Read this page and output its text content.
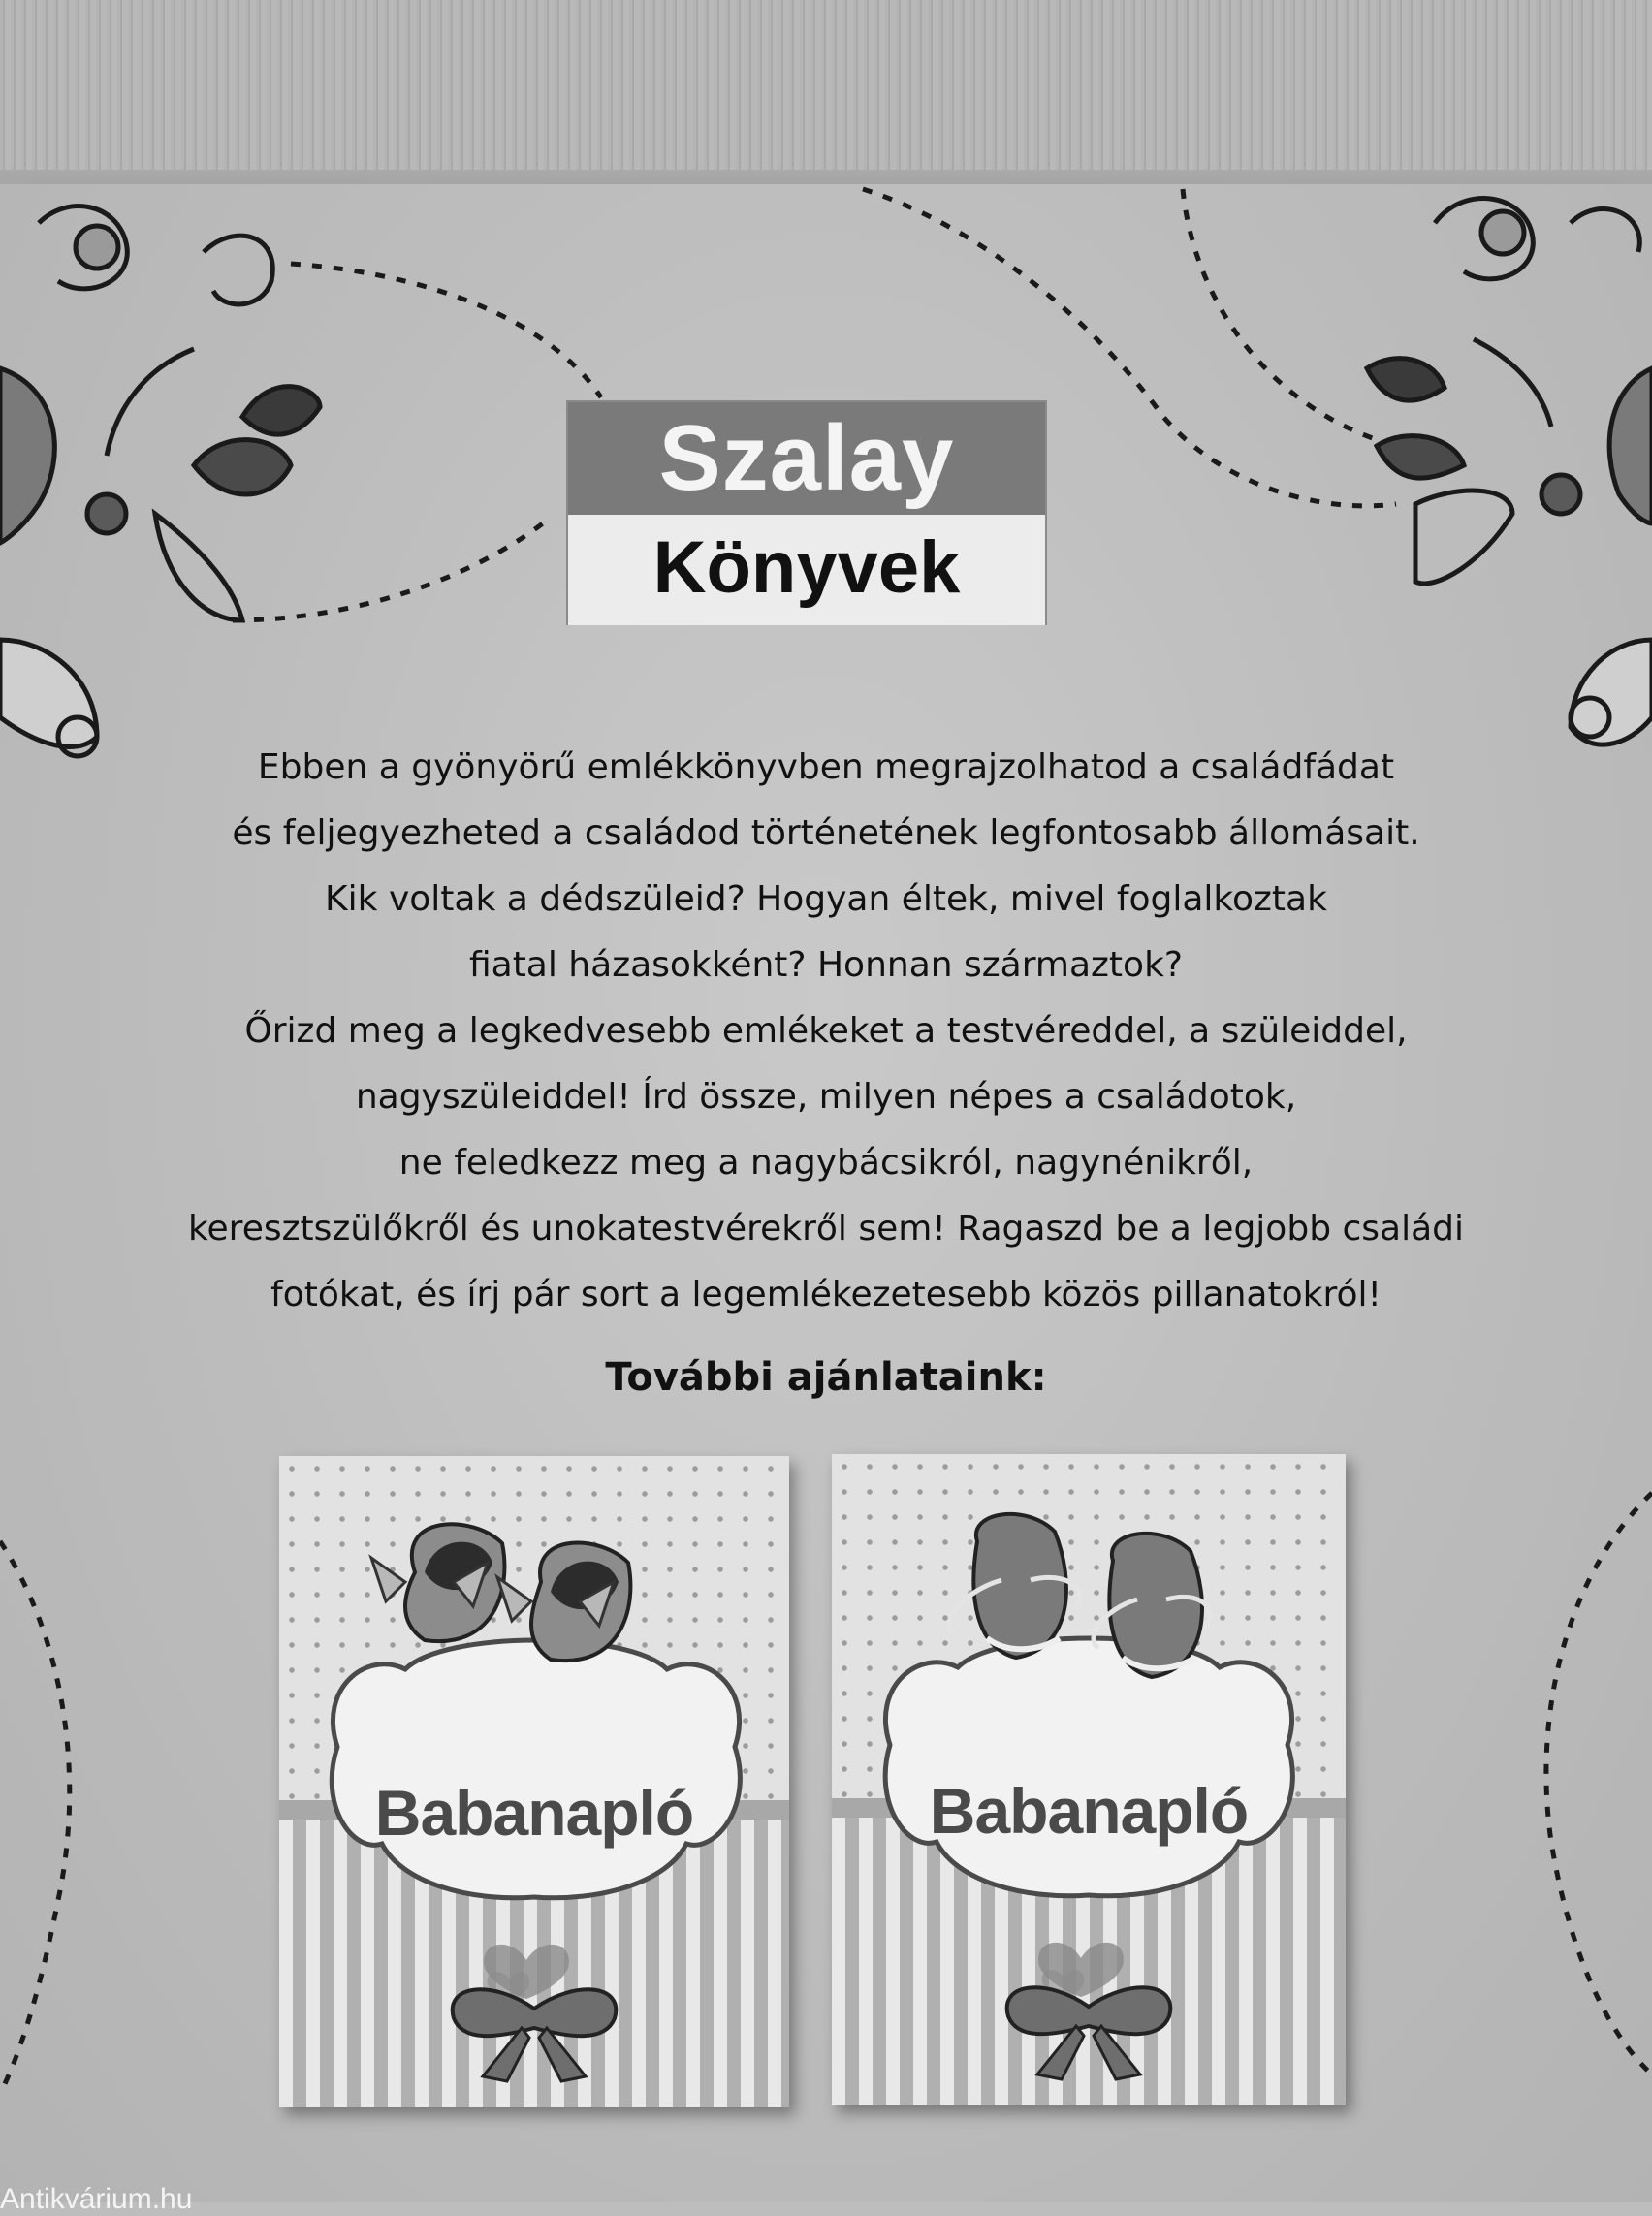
Szalay
Könyvek
Ebben a gyönyörű emlékkönyvben megrajzolhatod a családfádat
és feljegyezheted a családod történetének legfontosabb állomásait.
Kik voltak a dédszüleid? Hogyan éltek, mivel foglalkoztak
fiatal házasokként? Honnan származtok?
Őrizd meg a legkedvesebb emlékeket a testvéreddel, a szüleiddel,
nagyszüleiddel! Írd össze, milyen népes a családotok,
ne feledkezz meg a nagybácsikról, nagynénikről,
keresztszülőkről és unokatestvérekről sem! Ragaszd be a legjobb családi
fotókat, és írj pár sort a legemlékezetesebb közös pillanatokról!
További ajánlataink:
Babanapló	Babanapló
Antikvárium.hu
